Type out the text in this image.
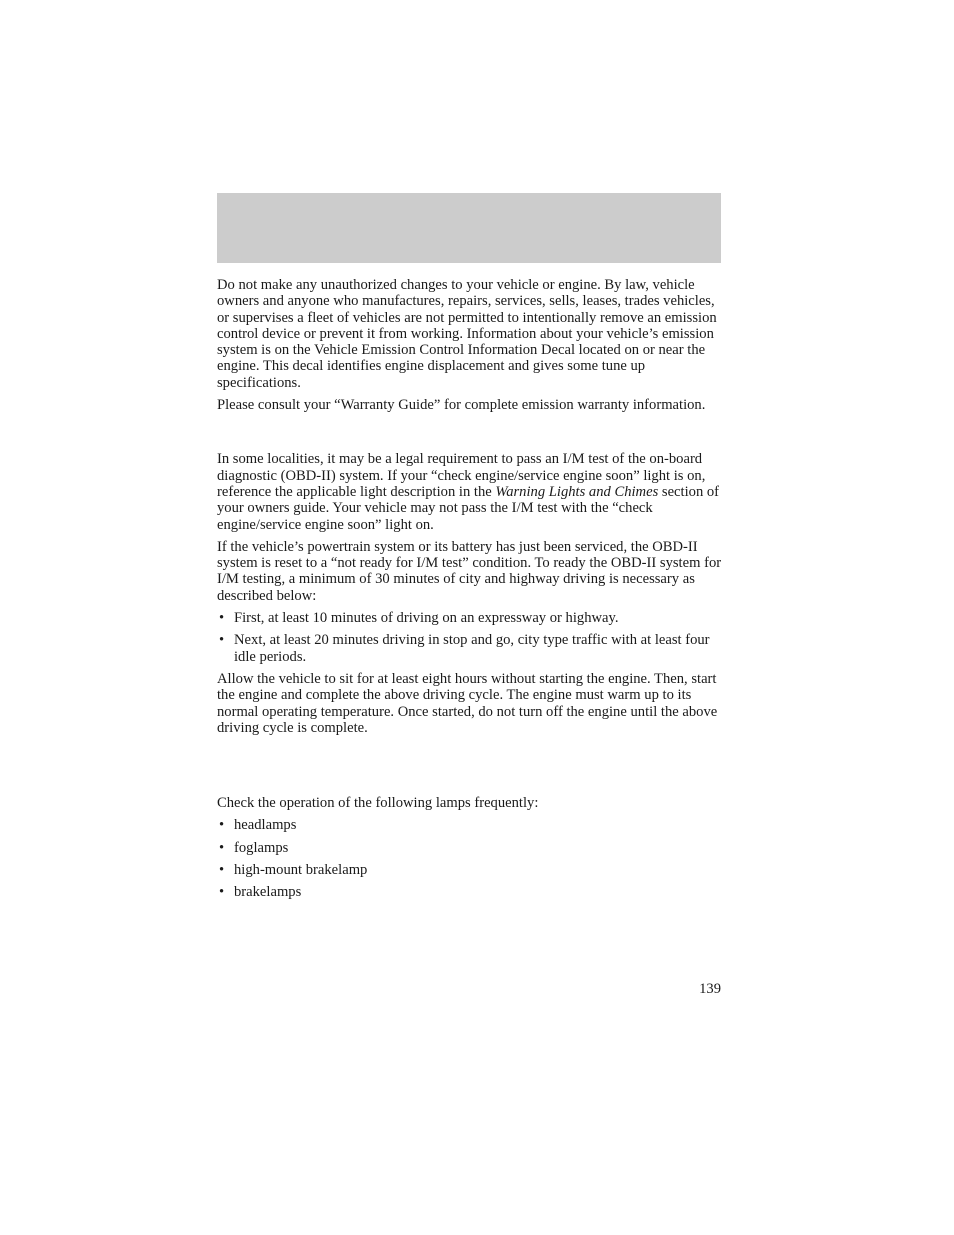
Do not make any unauthorized changes to your vehicle or engine. By law, vehicle owners and anyone who manufactures, repairs, services, sells, leases, trades vehicles, or supervises a fleet of vehicles are not permitted to intentionally remove an emission control device or prevent it from working. Information about your vehicle’s emission system is on the Vehicle Emission Control Information Decal located on or near the engine. This decal identifies engine displacement and gives some tune up specifications.

Please consult your “Warranty Guide” for complete emission warranty information.

In some localities, it may be a legal requirement to pass an I/M test of the on-board diagnostic (OBD-II) system. If your “check engine/service engine soon” light is on, reference the applicable light description in the Warning Lights and Chimes section of your owners guide. Your vehicle may not pass the I/M test with the “check engine/service engine soon” light on.

If the vehicle’s powertrain system or its battery has just been serviced, the OBD-II system is reset to a “not ready for I/M test” condition. To ready the OBD-II system for I/M testing, a minimum of 30 minutes of city and highway driving is necessary as described below:

• First, at least 10 minutes of driving on an expressway or highway.
• Next, at least 20 minutes driving in stop and go, city type traffic with at least four idle periods.

Allow the vehicle to sit for at least eight hours without starting the engine. Then, start the engine and complete the above driving cycle. The engine must warm up to its normal operating temperature. Once started, do not turn off the engine until the above driving cycle is complete.

Check the operation of the following lamps frequently:

• headlamps
• foglamps
• high-mount brakelamp
• brakelamps
139
